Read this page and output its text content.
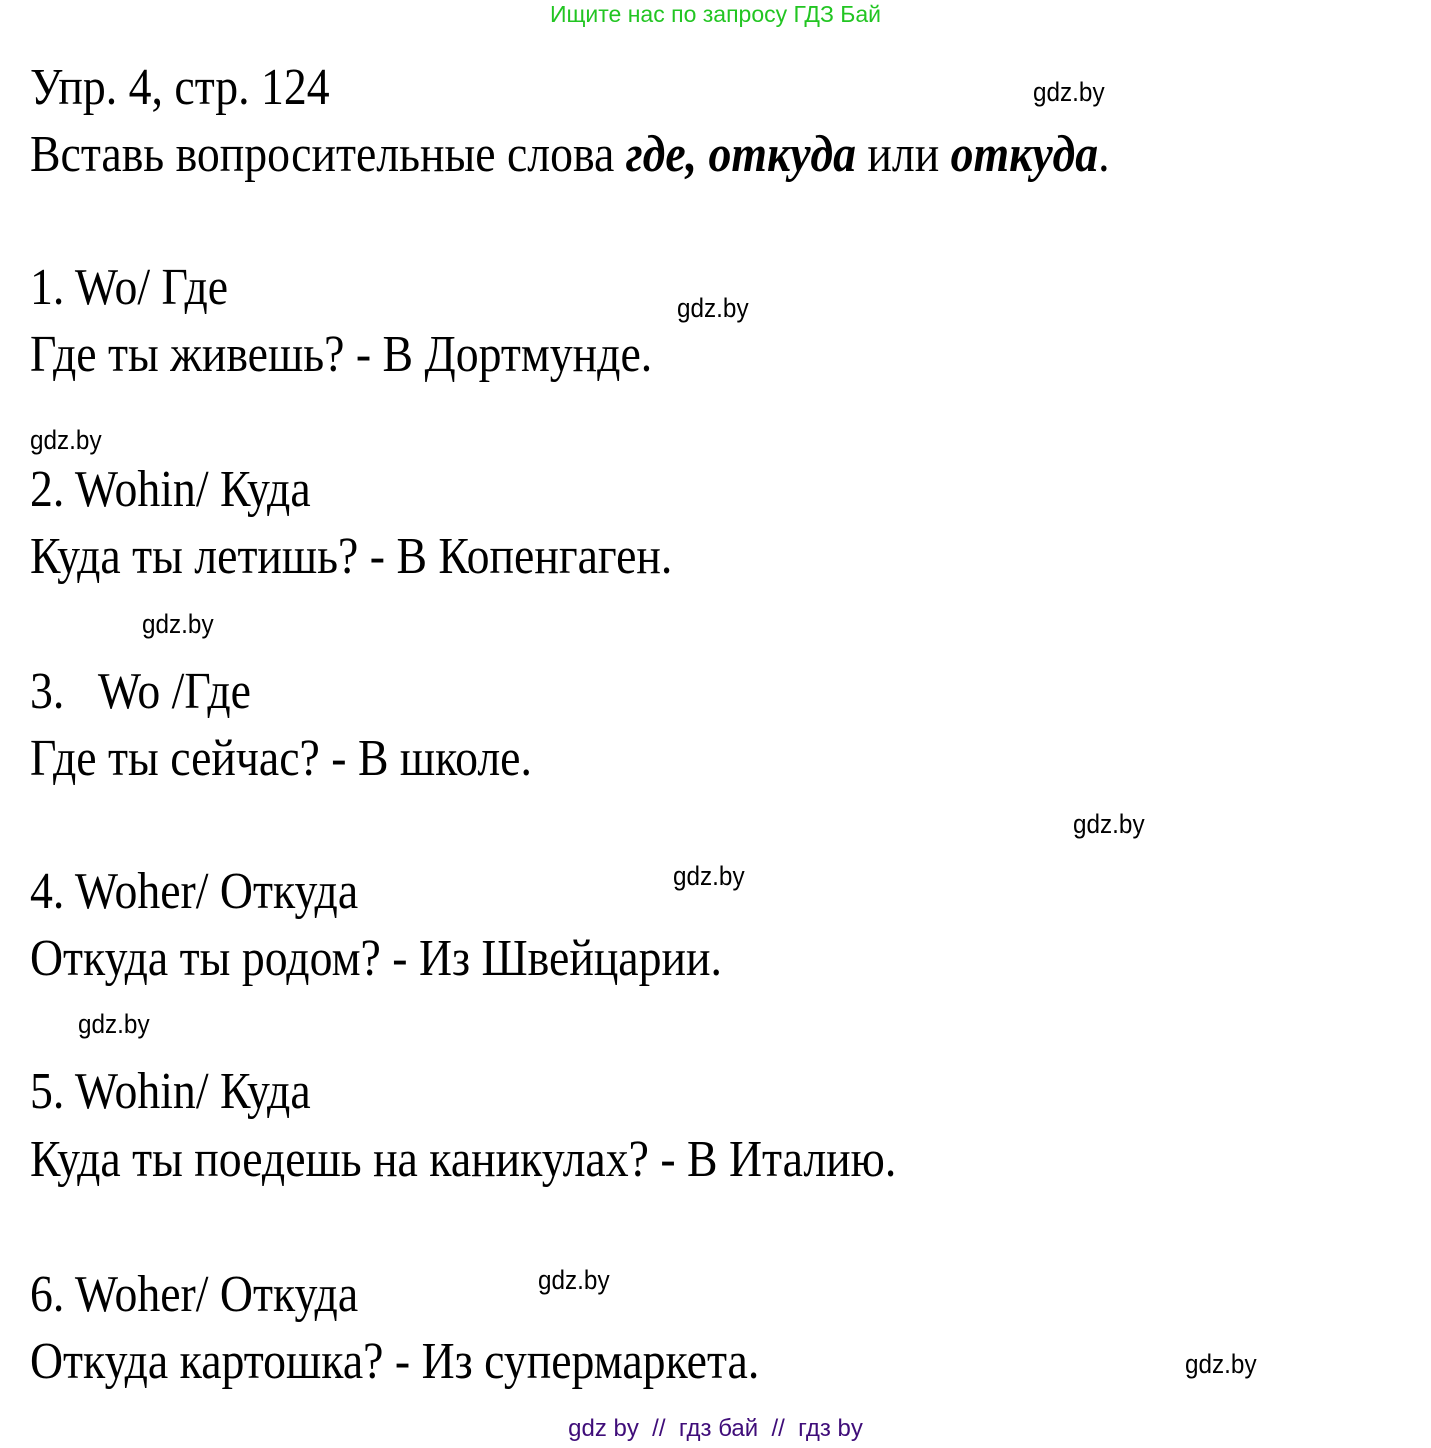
Ищите нас по запросу ГДЗ Бай
Упр. 4, стр. 124
Вставь вопросительные слова где, откуда или откуда.
1. Wo/ Где
Где ты живешь? - В Дортмунде.
2. Wohin/ Куда
Куда ты летишь? - В Копенгаген.
3.   Wo /Где
Где ты сейчас? - В школе.
4. Woher/ Откуда
Откуда ты родом? - Из Швейцарии.
5. Wohin/ Куда
Куда ты поедешь на каникулах? - В Италию.
6. Woher/ Откуда
Откуда картошка? - Из супермаркета.
gdz.by
gdz.by
gdz.by
gdz.by
gdz.by
gdz.by
gdz.by
gdz.by
gdz.by
gdz by  //  гдз бай  //  гдз by
